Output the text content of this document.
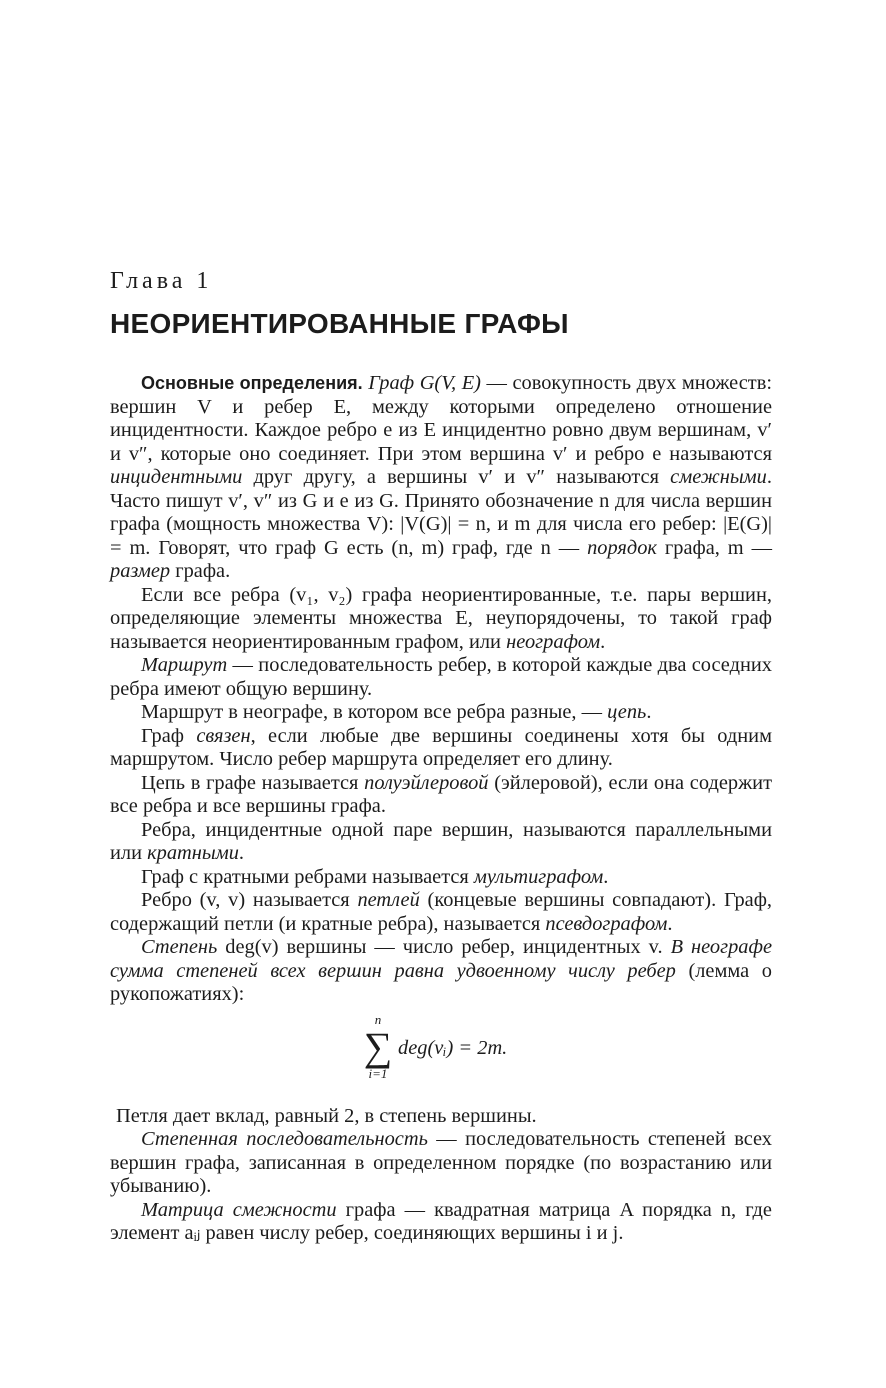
Глава 1
НЕОРИЕНТИРОВАННЫЕ ГРАФЫ

Основные определения. Граф G(V, E) — совокупность двух множеств: вершин V и ребер E, между которыми определено отношение инцидентности. Каждое ребро e из E инцидентно ровно двум вершинам, v′ и v″, которые оно соединяет. При этом вершина v′ и ребро e называются инцидентными друг другу, а вершины v′ и v″ называются смежными. Часто пишут v′, v″ из G и e из G. Принято обозначение n для числа вершин графа (мощность множества V): |V(G)| = n, и m для числа его ребер: |E(G)| = m. Говорят, что граф G есть (n, m) граф, где n — порядок графа, m — размер графа.

Если все ребра (v₁, v₂) графа неориентированные, т.е. пары вершин, определяющие элементы множества E, неупорядочены, то такой граф называется неориентированным графом, или неографом.

Маршрут — последовательность ребер, в которой каждые два соседних ребра имеют общую вершину.

Маршрут в неографе, в котором все ребра разные, — цепь.

Граф связен, если любые две вершины соединены хотя бы одним маршрутом. Число ребер маршрута определяет его длину.

Цепь в графе называется полуэйлеровой (эйлеровой), если она содержит все ребра и все вершины графа.

Ребра, инцидентные одной паре вершин, называются параллельными или кратными.

Граф с кратными ребрами называется мультиграфом.

Ребро (v, v) называется петлей (концевые вершины совпадают). Граф, содержащий петли (и кратные ребра), называется псевдографом.

Степень deg(v) вершины — число ребер, инцидентных v. В неографе сумма степеней всех вершин равна удвоенному числу ребер (лемма о рукопожатиях):

n
∑
i=1
deg(vᵢ) = 2m.

Петля дает вклад, равный 2, в степень вершины.

Степенная последовательность — последовательность степеней всех вершин графа, записанная в определенном порядке (по возрастанию или убыванию).

Матрица смежности графа — квадратная матрица A порядка n, где элемент aᵢⱼ равен числу ребер, соединяющих вершины i и j.
